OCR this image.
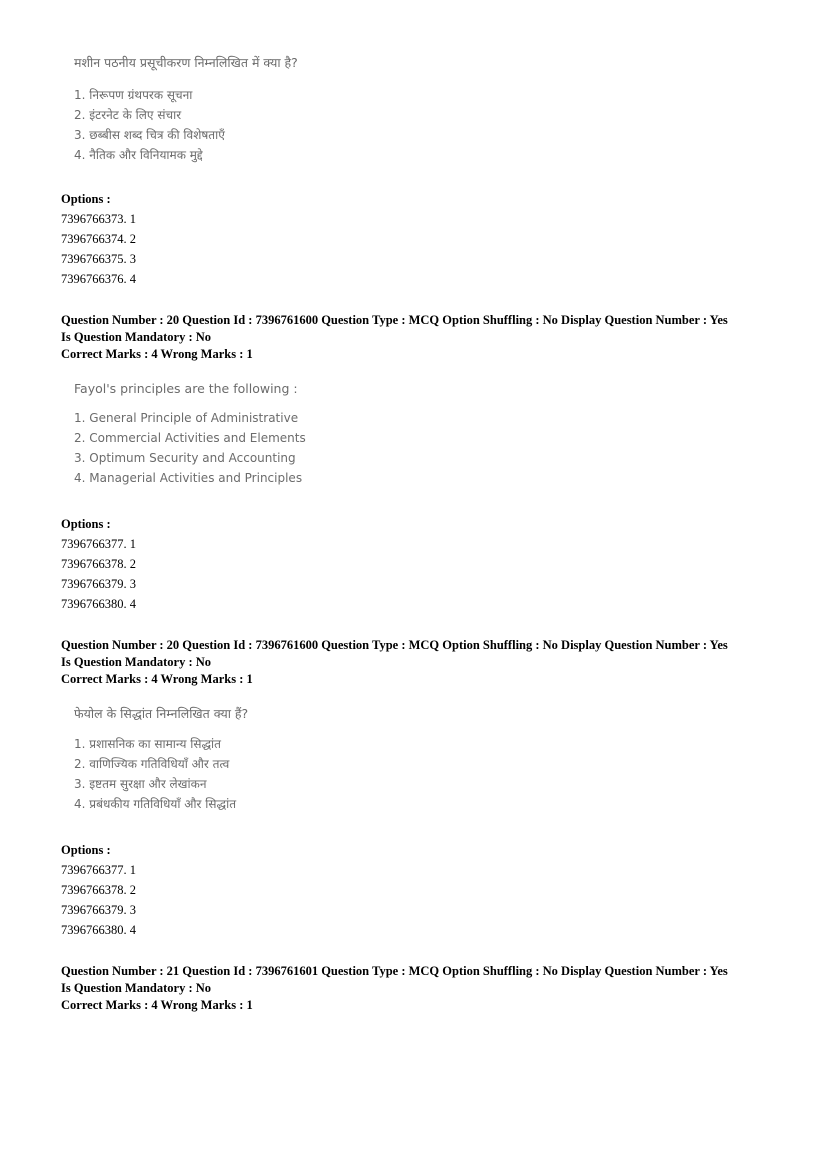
मशीन पठनीय प्रसूचीकरण निम्नलिखित में क्या है?
1. निरूपण ग्रंथपरक सूचना
2. इंटरनेट के लिए संचार
3. छब्बीस शब्द चित्र की विशेषताएँ
4. नैतिक और विनियामक मुद्दे
Options :
7396766373. 1
7396766374. 2
7396766375. 3
7396766376. 4
Question Number : 20 Question Id : 7396761600 Question Type : MCQ Option Shuffling : No Display Question Number : Yes
Is Question Mandatory : No
Correct Marks : 4 Wrong Marks : 1
Fayol's principles are the following :
1. General Principle of Administrative
2. Commercial Activities and Elements
3. Optimum Security and Accounting
4. Managerial Activities and Principles
Options :
7396766377. 1
7396766378. 2
7396766379. 3
7396766380. 4
Question Number : 20 Question Id : 7396761600 Question Type : MCQ Option Shuffling : No Display Question Number : Yes
Is Question Mandatory : No
Correct Marks : 4 Wrong Marks : 1
फेयोल के सिद्धांत निम्नलिखित क्या हैं?
1. प्रशासनिक का सामान्य सिद्धांत
2. वाणिज्यिक गतिविधियाँ और तत्व
3. इष्टतम सुरक्षा और लेखांकन
4. प्रबंधकीय गतिविधियाँ और सिद्धांत
Options :
7396766377. 1
7396766378. 2
7396766379. 3
7396766380. 4
Question Number : 21 Question Id : 7396761601 Question Type : MCQ Option Shuffling : No Display Question Number : Yes
Is Question Mandatory : No
Correct Marks : 4 Wrong Marks : 1
